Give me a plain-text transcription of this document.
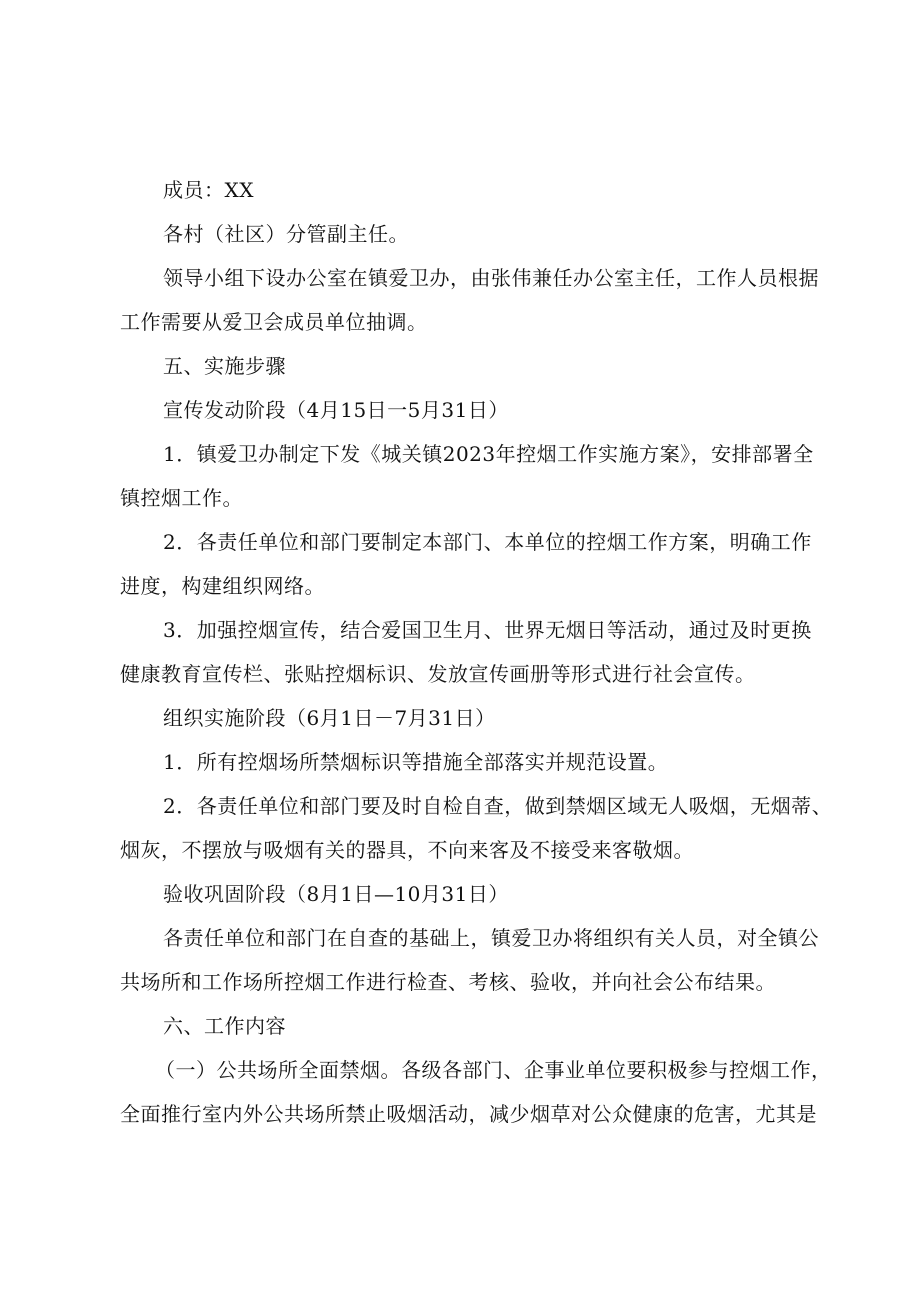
成员：XX
各村（社区）分管副主任。
领导小组下设办公室在镇爱卫办，由张伟兼任办公室主任，工作人员根据
工作需要从爱卫会成员单位抽调。
五、实施步骤
宣传发动阶段（4月15日一5月31日）
1．镇爱卫办制定下发《城关镇2023年控烟工作实施方案》，安排部署全
镇控烟工作。
2．各责任单位和部门要制定本部门、本单位的控烟工作方案，明确工作
进度，构建组织网络。
3．加强控烟宣传，结合爱国卫生月、世界无烟日等活动，通过及时更换
健康教育宣传栏、张贴控烟标识、发放宣传画册等形式进行社会宣传。
组织实施阶段（6月1日－7月31日）
1．所有控烟场所禁烟标识等措施全部落实并规范设置。
2．各责任单位和部门要及时自检自查，做到禁烟区域无人吸烟，无烟蒂、
烟灰，不摆放与吸烟有关的器具，不向来客及不接受来客敬烟。
验收巩固阶段（8月1日—10月31日）
各责任单位和部门在自查的基础上，镇爱卫办将组织有关人员，对全镇公
共场所和工作场所控烟工作进行检查、考核、验收，并向社会公布结果。
六、工作内容
（一）公共场所全面禁烟。各级各部门、企事业单位要积极参与控烟工作，
全面推行室内外公共场所禁止吸烟活动，减少烟草对公众健康的危害，尤其是
